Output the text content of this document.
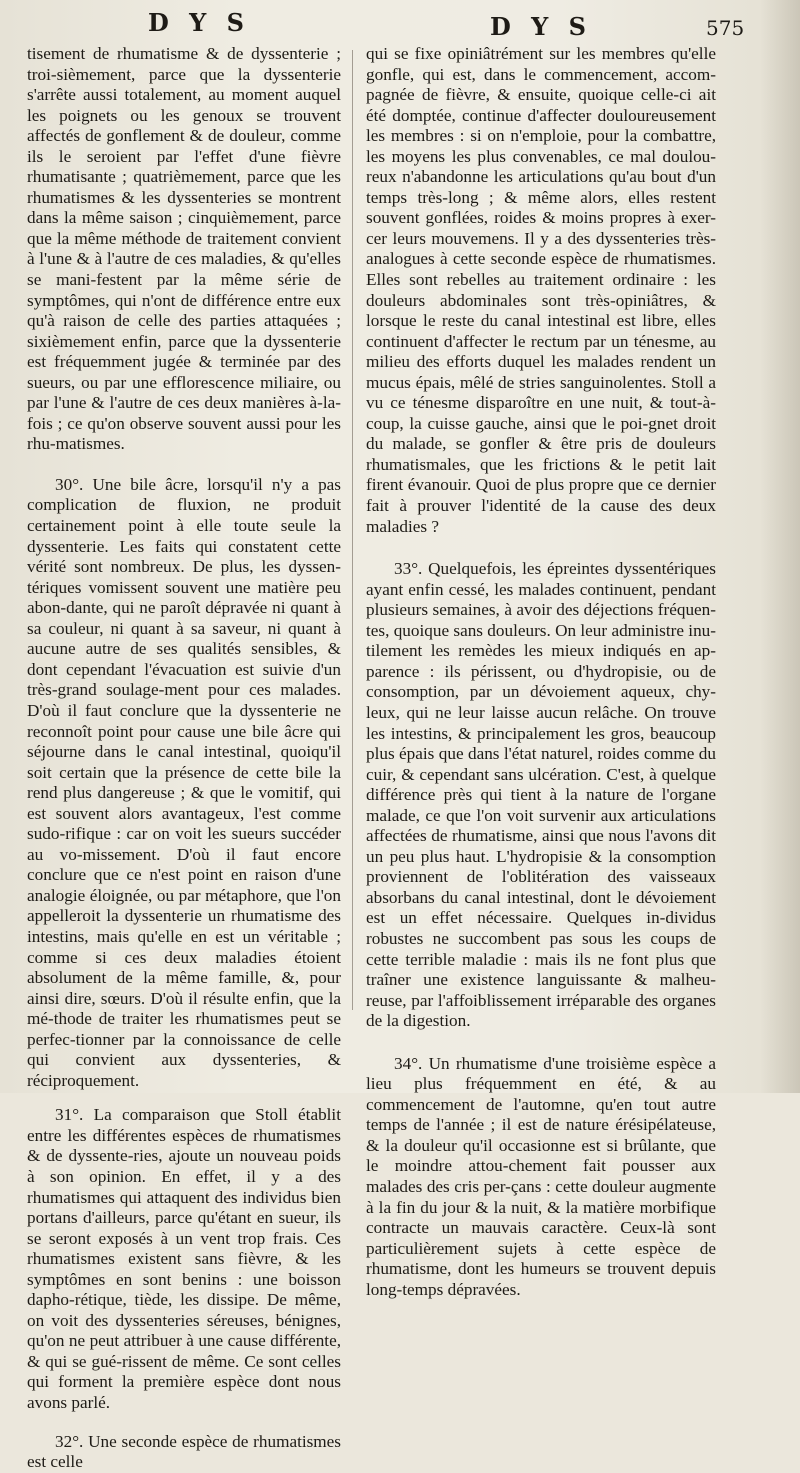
D Y S	D Y S	575

tisement de rhumatisme & de dyssenterie ; troi-sièmement, parce que la dyssenterie s'arrête aussi totalement, au moment auquel les poignets ou les genoux se trouvent affectés de gonflement & de douleur, comme ils le seroient par l'effet d'une fièvre rhumatisante ; quatrièmement, parce que les rhumatismes & les dyssenteries se montrent dans la même saison ; cinquièmement, parce que la même méthode de traitement convient à l'une & à l'autre de ces maladies, & qu'elles se mani-festent par la même série de symptômes, qui n'ont de différence entre eux qu'à raison de celle des parties attaquées ; sixièmement enfin, parce que la dyssenterie est fréquemment jugée & terminée par des sueurs, ou par une efflorescence miliaire, ou par l'une & l'autre de ces deux manières à-la-fois ; ce qu'on observe souvent aussi pour les rhu-matismes.

30°. Une bile âcre, lorsqu'il n'y a pas complication de fluxion, ne produit certainement point à elle toute seule la dyssenterie. Les faits qui constatent cette vérité sont nombreux. De plus, les dyssen-tériques vomissent souvent une matière peu abon-dante, qui ne paroît dépravée ni quant à sa couleur, ni quant à sa saveur, ni quant à aucune autre de ses qualités sensibles, & dont cependant l'évacuation est suivie d'un très-grand soulage-ment pour ces malades. D'où il faut conclure que la dyssenterie ne reconnoît point pour cause une bile âcre qui séjourne dans le canal intestinal, quoiqu'il soit certain que la présence de cette bile la rend plus dangereuse ; & que le vomitif, qui est souvent alors avantageux, l'est comme sudo-rifique : car on voit les sueurs succéder au vo-missement. D'où il faut encore conclure que ce n'est point en raison d'une analogie éloignée, ou par métaphore, que l'on appelleroit la dyssenterie un rhumatisme des intestins, mais qu'elle en est un véritable ; comme si ces deux maladies étoient absolument de la même famille, &, pour ainsi dire, sœurs. D'où il résulte enfin, que la mé-thode de traiter les rhumatismes peut se perfec-tionner par la connoissance de celle qui convient aux dyssenteries, & réciproquement.

31°. La comparaison que Stoll établit entre les différentes espèces de rhumatismes & de dyssente-ries, ajoute un nouveau poids à son opinion. En effet, il y a des rhumatismes qui attaquent des individus bien portans d'ailleurs, parce qu'étant en sueur, ils se seront exposés à un vent trop frais. Ces rhumatismes existent sans fièvre, & les symptômes en sont benins : une boisson dapho-rétique, tiède, les dissipe. De même, on voit des dyssenteries séreuses, bénignes, qu'on ne peut attribuer à une cause différente, & qui se gué-rissent de même. Ce sont celles qui forment la première espèce dont nous avons parlé.

32°. Une seconde espèce de rhumatismes est celle

qui se fixe opiniâtrément sur les membres qu'elle gonfle, qui est, dans le commencement, accom-pagnée de fièvre, & ensuite, quoique celle-ci ait été domptée, continue d'affecter douloureusement les membres : si on n'emploie, pour la combattre, les moyens les plus convenables, ce mal doulou-reux n'abandonne les articulations qu'au bout d'un temps très-long ; & même alors, elles restent souvent gonflées, roides & moins propres à exer-cer leurs mouvemens. Il y a des dyssenteries très-analogues à cette seconde espèce de rhumatismes. Elles sont rebelles au traitement ordinaire : les douleurs abdominales sont très-opiniâtres, & lorsque le reste du canal intestinal est libre, elles continuent d'affecter le rectum par un ténesme, au milieu des efforts duquel les malades rendent un mucus épais, mêlé de stries sanguinolentes. Stoll a vu ce ténesme disparoître en une nuit, & tout-à-coup, la cuisse gauche, ainsi que le poi-gnet droit du malade, se gonfler & être pris de douleurs rhumatismales, que les frictions & le petit lait firent évanouir. Quoi de plus propre que ce dernier fait à prouver l'identité de la cause des deux maladies ?

33°. Quelquefois, les épreintes dyssentériques ayant enfin cessé, les malades continuent, pendant plusieurs semaines, à avoir des déjections fréquen-tes, quoique sans douleurs. On leur administre inu-tilement les remèdes les mieux indiqués en ap-parence : ils périssent, ou d'hydropisie, ou de consomption, par un dévoiement aqueux, chy-leux, qui ne leur laisse aucun relâche. On trouve les intestins, & principalement les gros, beaucoup plus épais que dans l'état naturel, roides comme du cuir, & cependant sans ulcération. C'est, à quelque différence près qui tient à la nature de l'organe malade, ce que l'on voit survenir aux articulations affectées de rhumatisme, ainsi que nous l'avons dit un peu plus haut. L'hydropisie & la consomption proviennent de l'oblitération des vaisseaux absorbans du canal intestinal, dont le dévoiement est un effet nécessaire. Quelques in-dividus robustes ne succombent pas sous les coups de cette terrible maladie : mais ils ne font plus que traîner une existence languissante & malheu-reuse, par l'affoiblissement irréparable des organes de la digestion.

34°. Un rhumatisme d'une troisième espèce a lieu plus fréquemment en été, & au commencement de l'automne, qu'en tout autre temps de l'année ; il est de nature érésipélateuse, & la douleur qu'il occasionne est si brûlante, que le moindre attou-chement fait pousser aux malades des cris per-çans : cette douleur augmente à la fin du jour & la nuit, & la matière morbifique contracte un mauvais caractère. Ceux-là sont particulièrement sujets à cette espèce de rhumatisme, dont les humeurs se trouvent depuis long-temps dépravées.
